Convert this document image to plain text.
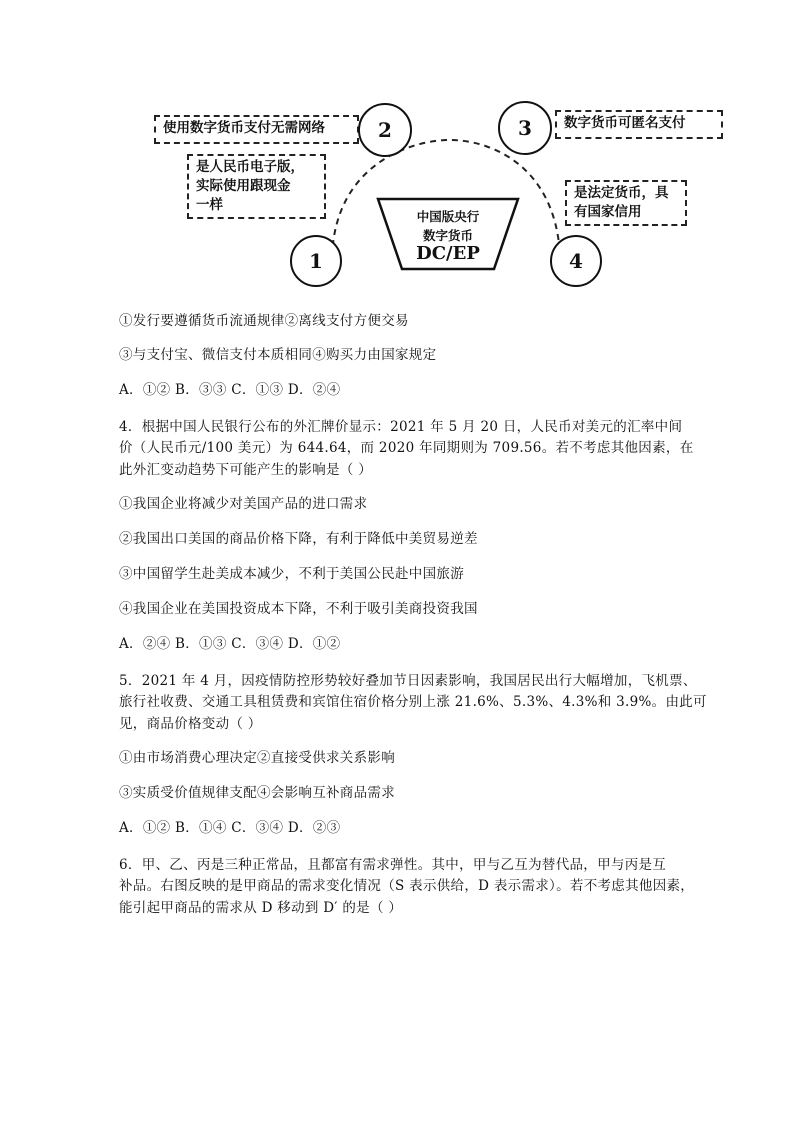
使用数字货币支付无需网络
是人民币电子版，
实际使用跟现金
一样
数字货币可匿名支付
是法定货币，具
有国家信用
2	3
1	4
中国版央行
数字货币
DC/EP
①发行要遵循货币流通规律②离线支付方便交易
③与支付宝、微信支付本质相同④购买力由国家规定
A．①② B．③③ C．①③ D．②④
4．根据中国人民银行公布的外汇牌价显示：2021 年 5 月 20 日，人民币对美元的汇率中间
价（人民币元/100 美元）为 644.64，而 2020 年同期则为 709.56。若不考虑其他因素，在
此外汇变动趋势下可能产生的影响是（ ）
①我国企业将减少对美国产品的进口需求
②我国出口美国的商品价格下降，有利于降低中美贸易逆差
③中国留学生赴美成本减少，不利于美国公民赴中国旅游
④我国企业在美国投资成本下降，不利于吸引美商投资我国
A．②④ B．①③ C．③④ D．①②
5．2021 年 4 月，因疫情防控形势较好叠加节日因素影响，我国居民出行大幅增加，飞机票、
旅行社收费、交通工具租赁费和宾馆住宿价格分别上涨 21.6%、5.3%、4.3%和 3.9%。由此可
见，商品价格变动（ ）
①由市场消费心理决定②直接受供求关系影响
③实质受价值规律支配④会影响互补商品需求
A．①② B．①④ C．③④ D．②③
6．甲、乙、丙是三种正常品，且都富有需求弹性。其中，甲与乙互为替代品，甲与丙是互
补品。右图反映的是甲商品的需求变化情况（S 表示供给，D 表示需求）。若不考虑其他因素，
能引起甲商品的需求从 D 移动到 D′ 的是（ ）
